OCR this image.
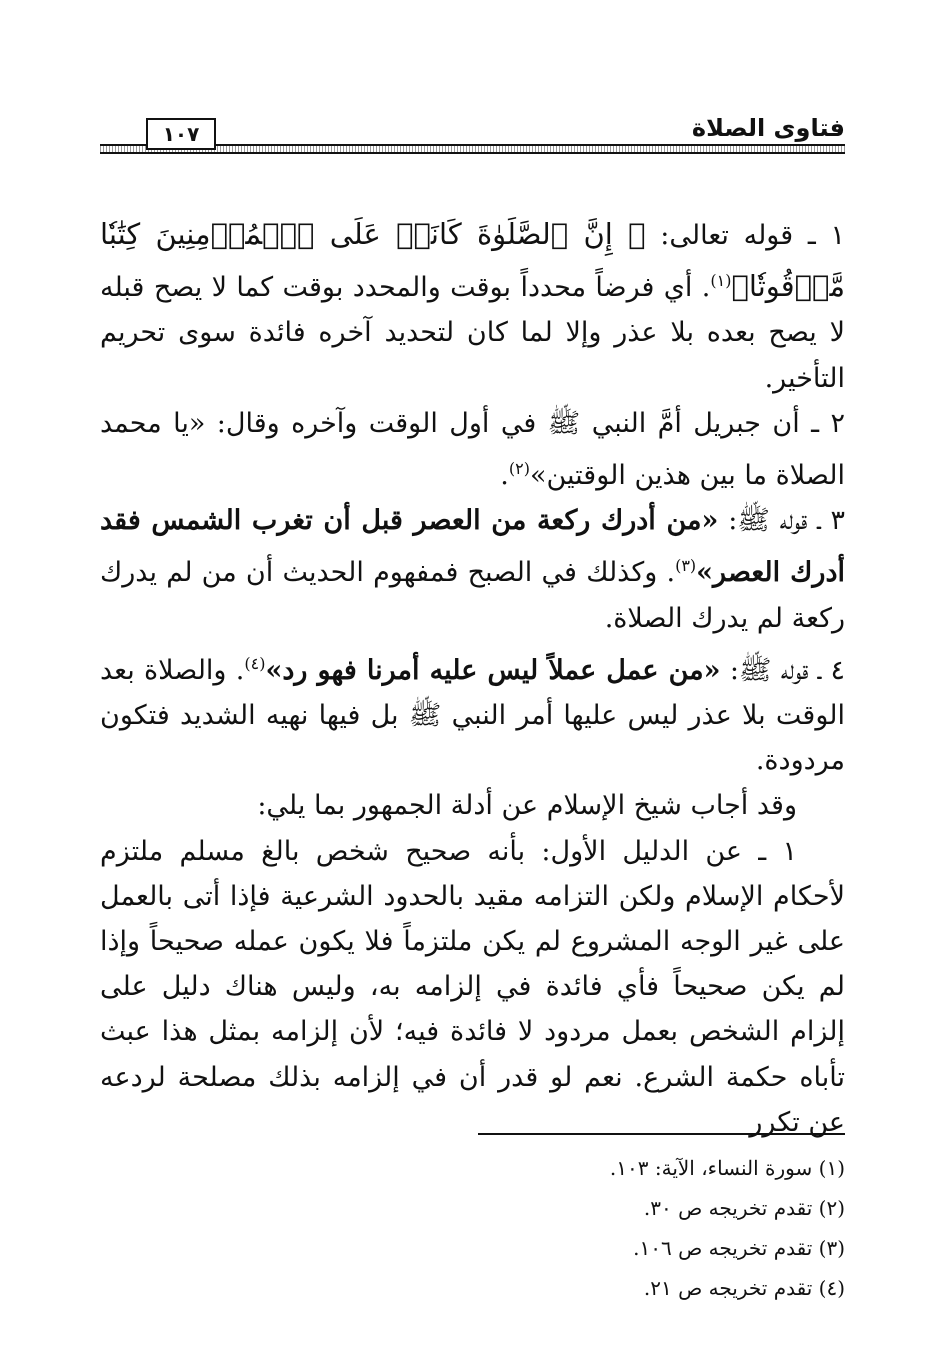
فتاوى الصلاة
١٠٧

١ ـ قوله تعالى: ﴿ إِنَّ ٱلصَّلَوٰةَ كَانَتۡ عَلَى ٱلۡمُؤۡمِنِينَ كِتَٰبٗا مَّوۡقُوتٗا﴾$^{(١)}$. أي فرضاً محدداً بوقت والمحدد بوقت كما لا يصح قبله لا يصح بعده بلا عذر وإلا لما كان لتحديد آخره فائدة سوى تحريم التأخير.

٢ ـ أن جبريل أمَّ النبي ﷺ في أول الوقت وآخره وقال: «يا محمد الصلاة ما بين هذين الوقتين»$^{(٢)}$.

٣ ـ قوله ﷺ: «من أدرك ركعة من العصر قبل أن تغرب الشمس فقد أدرك العصر»$^{(٣)}$. وكذلك في الصبح فمفهوم الحديث أن من لم يدرك ركعة لم يدرك الصلاة.

٤ ـ قوله ﷺ: «من عمل عملاً ليس عليه أمرنا فهو رد»$^{(٤)}$. والصلاة بعد الوقت بلا عذر ليس عليها أمر النبي ﷺ بل فيها نهيه الشديد فتكون مردودة.

وقد أجاب شيخ الإسلام عن أدلة الجمهور بما يلي:

١ ـ عن الدليل الأول: بأنه صحيح شخص بالغ مسلم ملتزم لأحكام الإسلام ولكن التزامه مقيد بالحدود الشرعية فإذا أتى بالعمل على غير الوجه المشروع لم يكن ملتزماً فلا يكون عمله صحيحاً وإذا لم يكن صحيحاً فأي فائدة في إلزامه به، وليس هناك دليل على إلزام الشخص بعمل مردود لا فائدة فيه؛ لأن إلزامه بمثل هذا عبث تأباه حكمة الشرع. نعم لو قدر أن في إلزامه بذلك مصلحة لردعه عن تكرر

(١) سورة النساء، الآية: ١٠٣.

(٢) تقدم تخريجه ص ٣٠.

(٣) تقدم تخريجه ص ١٠٦.

(٤) تقدم تخريجه ص ٢١.
